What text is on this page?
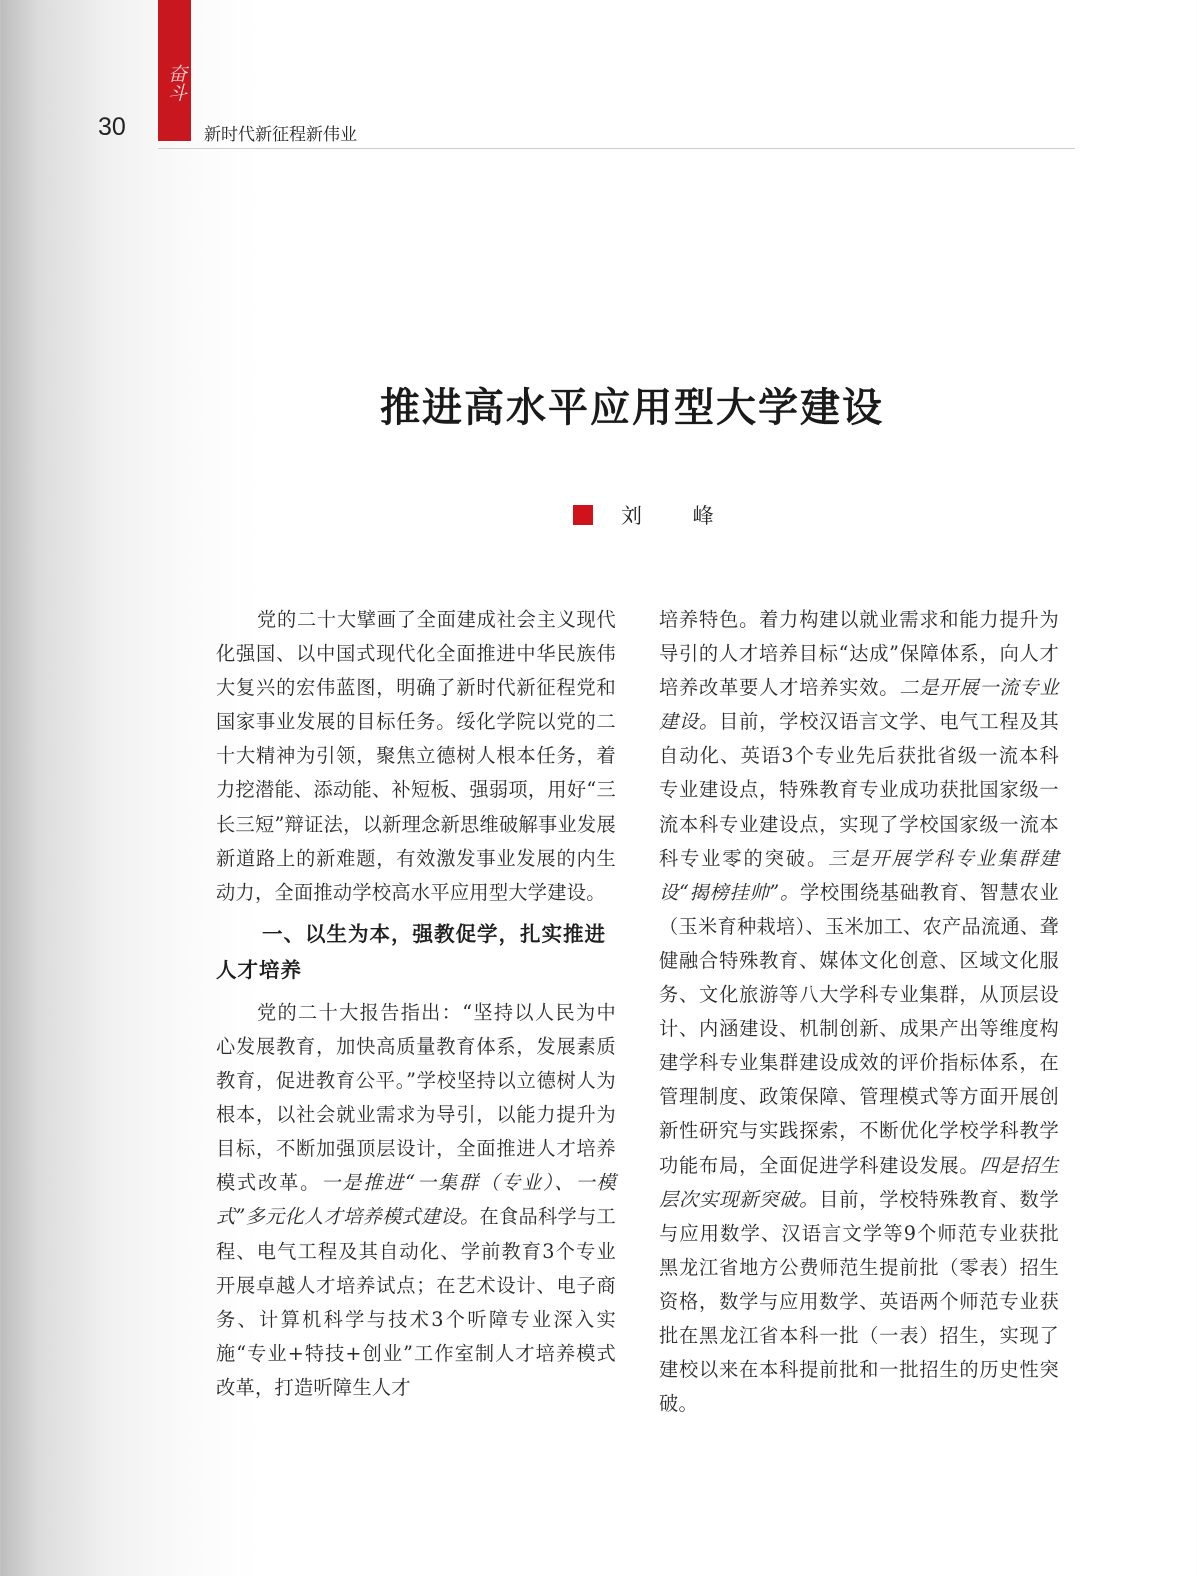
奋斗
30	新时代新征程新伟业
推进高水平应用型大学建设
刘 峰

党的二十大擘画了全面建成社会主义现代化强国、以中国式现代化全面推进中华民族伟大复兴的宏伟蓝图，明确了新时代新征程党和国家事业发展的目标任务。绥化学院以党的二十大精神为引领，聚焦立德树人根本任务，着力挖潜能、添动能、补短板、强弱项，用好“三长三短”辩证法，以新理念新思维破解事业发展新道路上的新难题，有效激发事业发展的内生动力，全面推动学校高水平应用型大学建设。

一、以生为本，强教促学，扎实推进人才培养

党的二十大报告指出：“坚持以人民为中心发展教育，加快高质量教育体系，发展素质教育，促进教育公平。”学校坚持以立德树人为根本，以社会就业需求为导引，以能力提升为目标，不断加强顶层设计，全面推进人才培养模式改革。一是推进“一集群（专业）、一模式”多元化人才培养模式建设。在食品科学与工程、电气工程及其自动化、学前教育3个专业开展卓越人才培养试点；在艺术设计、电子商务、计算机科学与技术3个听障专业深入实施“专业+特技+创业”工作室制人才培养模式改革，打造听障生人才

培养特色。着力构建以就业需求和能力提升为导引的人才培养目标“达成”保障体系，向人才培养改革要人才培养实效。二是开展一流专业建设。目前，学校汉语言文学、电气工程及其自动化、英语3个专业先后获批省级一流本科专业建设点，特殊教育专业成功获批国家级一流本科专业建设点，实现了学校国家级一流本科专业零的突破。三是开展学科专业集群建设“揭榜挂帅”。学校围绕基础教育、智慧农业（玉米育种栽培）、玉米加工、农产品流通、聋健融合特殊教育、媒体文化创意、区域文化服务、文化旅游等八大学科专业集群，从顶层设计、内涵建设、机制创新、成果产出等维度构建学科专业集群建设成效的评价指标体系，在管理制度、政策保障、管理模式等方面开展创新性研究与实践探索，不断优化学校学科教学功能布局，全面促进学科建设发展。四是招生层次实现新突破。目前，学校特殊教育、数学与应用数学、汉语言文学等9个师范专业获批黑龙江省地方公费师范生提前批（零表）招生资格，数学与应用数学、英语两个师范专业获批在黑龙江省本科一批（一表）招生，实现了建校以来在本科提前批和一批招生的历史性突破。
